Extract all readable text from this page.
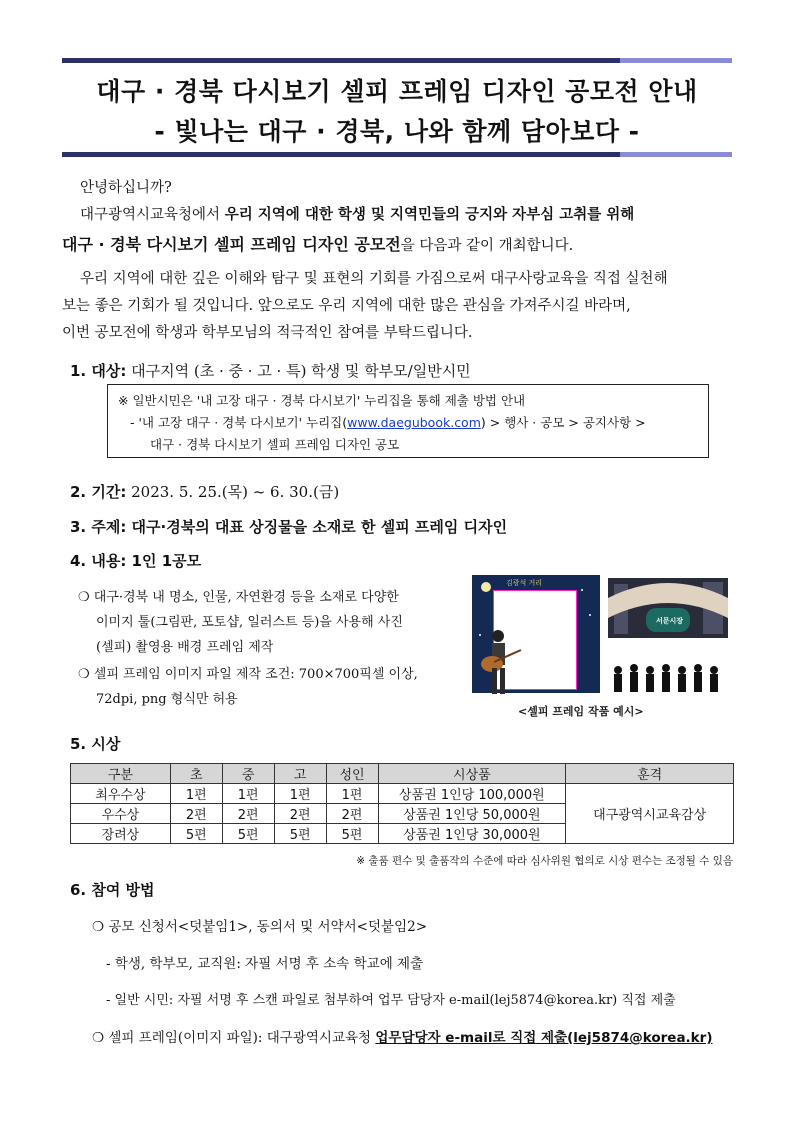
대구 · 경북 다시보기 셀피 프레임 디자인 공모전 안내
- 빛나는 대구 · 경북, 나와 함께 담아보다 -
안녕하십니까?
대구광역시교육청에서 우리 지역에 대한 학생 및 지역민들의 긍지와 자부심 고취를 위해
대구 · 경북 다시보기 셀피 프레임 디자인 공모전을 다음과 같이 개최합니다.
우리 지역에 대한 깊은 이해와 탐구 및 표현의 기회를 가짐으로써 대구사랑교육을 직접 실천해
보는 좋은 기회가 될 것입니다. 앞으로도 우리 지역에 대한 많은 관심을 가져주시길 바라며,
이번 공모전에 학생과 학부모님의 적극적인 참여를 부탁드립니다.
1. 대상: 대구지역 (초 · 중 · 고 · 특) 학생 및 학부모/일반시민
※ 일반시민은 '내 고장 대구 · 경북 다시보기' 누리집을 통해 제출 방법 안내
- '내 고장 대구 · 경북 다시보기' 누리집(www.daegubook.com) > 행사 · 공모 > 공지사항 >
대구 · 경북 다시보기 셀피 프레임 디자인 공모
2. 기간: 2023. 5. 25.(목) ~ 6. 30.(금)
3. 주제: 대구·경북의 대표 상징물을 소재로 한 셀피 프레임 디자인
4. 내용: 1인 1공모
❍ 대구·경북 내 명소, 인물, 자연환경 등을 소재로 다양한
이미지 툴(그림판, 포토샵, 일러스트 등)을 사용해 사진
(셀피) 촬영용 배경 프레임 제작
❍ 셀피 프레임 이미지 파일 제작 조건: 700×700픽셀 이상,
72dpi, png 형식만 허용
김광석 거리
서문시장
<셀피 프레임 작품 예시>
5. 시상
구분	초	중	고	성인	시상품	훈격
최우수상	1편	1편	1편	1편	상품권 1인당 100,000원	대구광역시교육감상
우수상	2편	2편	2편	2편	상품권 1인당 50,000원	
장려상	5편	5편	5편	5편	상품권 1인당 30,000원	
※ 출품 편수 및 출품작의 수준에 따라 심사위원 협의로 시상 편수는 조정될 수 있음
6. 참여 방법
❍ 공모 신청서<덧붙임1>, 동의서 및 서약서<덧붙임2>
- 학생, 학부모, 교직원: 자필 서명 후 소속 학교에 제출
- 일반 시민: 자필 서명 후 스캔 파일로 첨부하여 업무 담당자 e-mail(lej5874@korea.kr) 직접 제출
❍ 셀피 프레임(이미지 파일): 대구광역시교육청 업무담당자 e-mail로 직접 제출(lej5874@korea.kr)
